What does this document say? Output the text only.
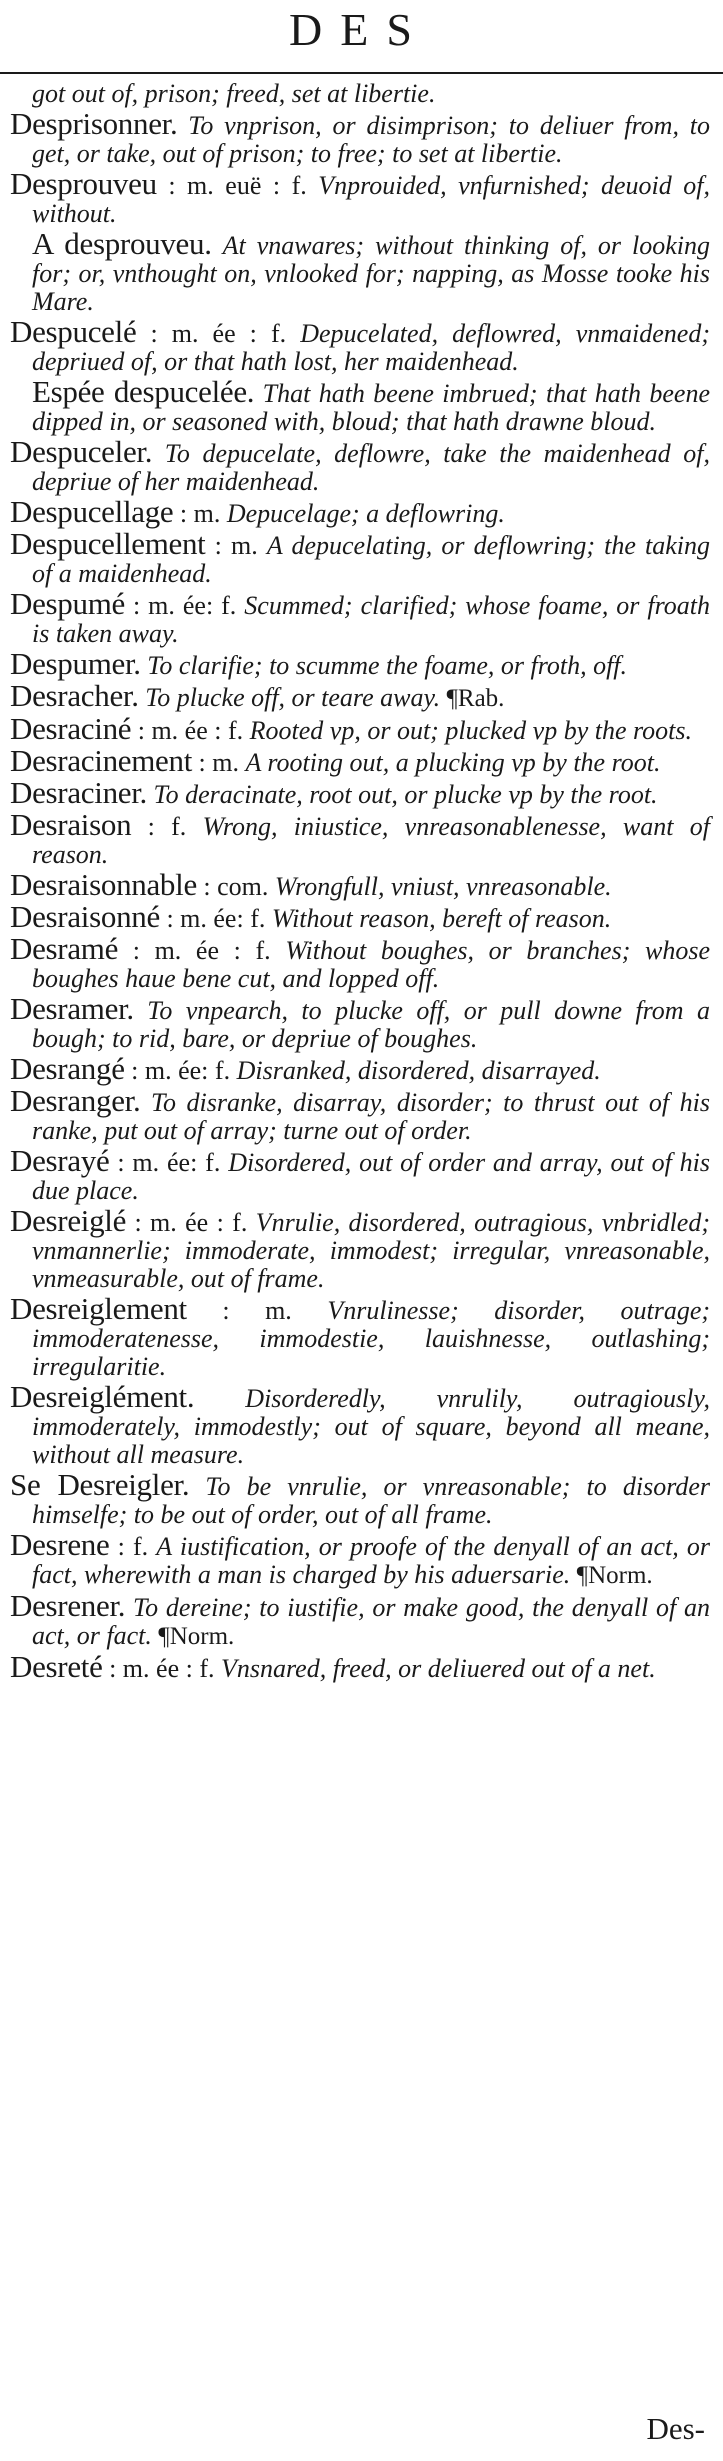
DES
got out of, prison; freed, set at libertie.
Desprisonner. To vnprison, or disimprison; to deliuer from, to get, or take, out of prison; to free; to set at libertie.
Desprouveu : m. euë : f. Vnprouided, vnfurnished; deuoid of, without.
A desprouveu. At vnawares; without thinking of, or looking for; or, vnthought on, vnlooked for; napping, as Mosse tooke his Mare.
Despucelé : m. ée : f. Depucelated, deflowred, vnmaidened; depriued of, or that hath lost, her maidenhead.
Espée despucelée. That hath beene imbrued; that hath beene dipped in, or seasoned with, bloud; that hath drawne bloud.
Despuceler. To depucelate, deflowre, take the maidenhead of, depriue of her maidenhead.
Despucellage : m. Depucelage; a deflowring.
Despucellement : m. A depucelating, or deflowring; the taking of a maidenhead.
Despumé : m. ée: f. Scummed; clarified; whose foame, or froath is taken away.
Despumer. To clarifie; to scumme the foame, or froth, off.
Desracher. To plucke off, or teare away. ¶Rab.
Desraciné : m. ée : f. Rooted vp, or out; plucked vp by the roots.
Desracinement : m. A rooting out, a plucking vp by the root.
Desraciner. To deracinate, root out, or plucke vp by the root.
Desraison : f. Wrong, iniustice, vnreasonablenesse, want of reason.
Desraisonnable : com. Wrongfull, vniust, vnreasonable.
Desraisonné : m. ée: f. Without reason, bereft of reason.
Desramé : m. ée : f. Without boughes, or branches; whose boughes haue bene cut, and lopped off.
Desramer. To vnpearch, to plucke off, or pull downe from a bough; to rid, bare, or depriue of boughes.
Desrangé : m. ée: f. Disranked, disordered, disarrayed.
Desranger. To disranke, disarray, disorder; to thrust out of his ranke, put out of array; turne out of order.
Desrayé : m. ée: f. Disordered, out of order and array, out of his due place.
Desreiglé : m. ée : f. Vnrulie, disordered, outragious, vnbridled; vnmannerlie; immoderate, immodest; irregular, vnreasonable, vnmeasurable, out of frame.
Desreiglement : m. Vnrulinesse; disorder, outrage; immoderatenesse, immodestie, lauishnesse, outlashing; irregularitie.
Desreiglément. Disorderedly, vnrulily, outragiously, immoderately, immodestly; out of square, beyond all meane, without all measure.
Se Desreigler. To be vnrulie, or vnreasonable; to disorder himselfe; to be out of order, out of all frame.
Desrene : f. A iustification, or proofe of the denyall of an act, or fact, wherewith a man is charged by his aduersarie. ¶Norm.
Desrener. To dereine; to iustifie, or make good, the denyall of an act, or fact. ¶Norm.
Desreté : m. ée : f. Vnsnared, freed, or deliuered out of a net.
Des-
